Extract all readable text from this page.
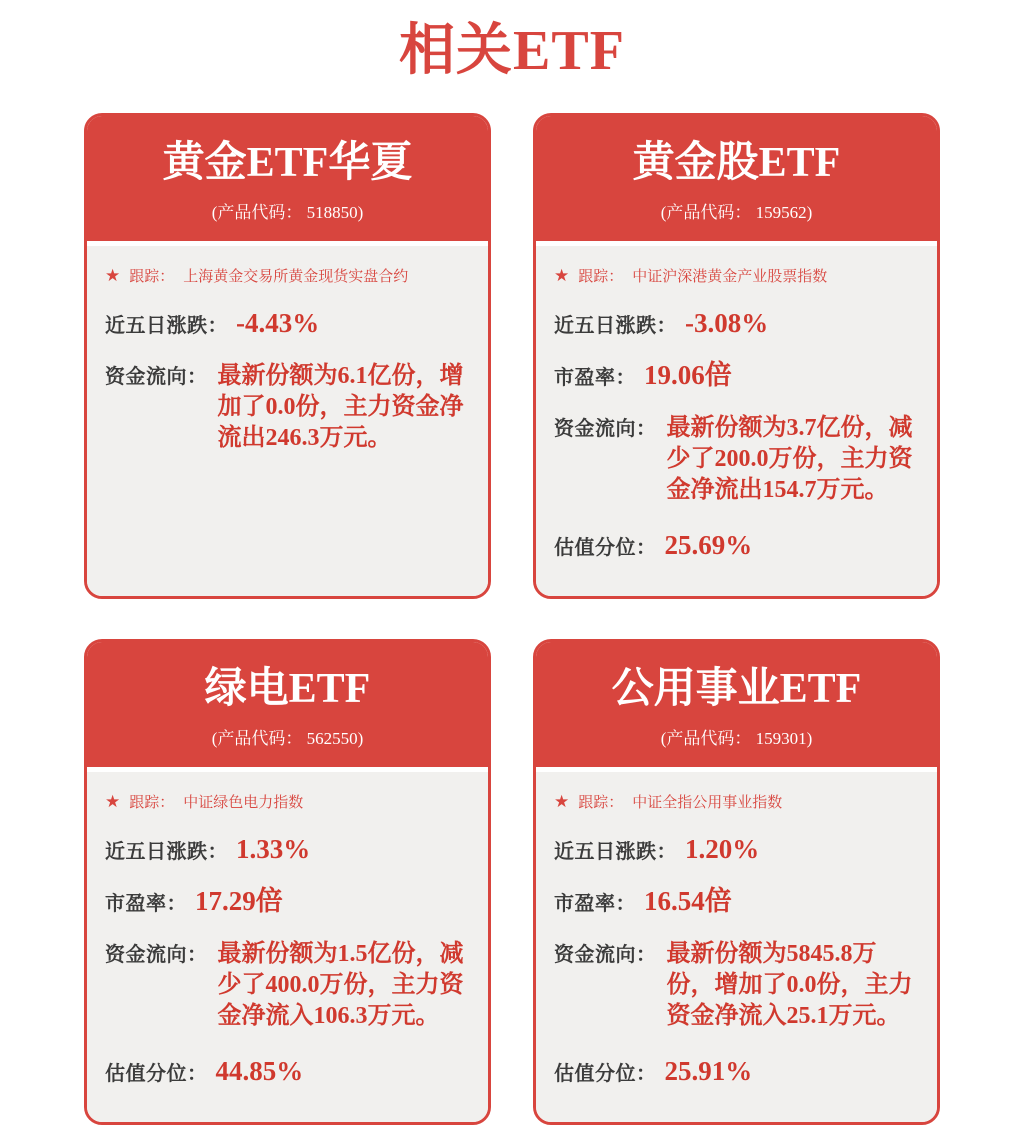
相关ETF
黄金ETF华夏
(产品代码： 518850)
★ 跟踪： 上海黄金交易所黄金现货实盘合约
近五日涨跌： -4.43%
资金流向： 最新份额为6.1亿份，增加了0.0份，主力资金净流出246.3万元。
黄金股ETF
(产品代码： 159562)
★ 跟踪： 中证沪深港黄金产业股票指数
近五日涨跌： -3.08%
市盈率： 19.06倍
资金流向： 最新份额为3.7亿份，减少了200.0万份，主力资金净流出154.7万元。
估值分位： 25.69%
绿电ETF
(产品代码： 562550)
★ 跟踪： 中证绿色电力指数
近五日涨跌： 1.33%
市盈率： 17.29倍
资金流向： 最新份额为1.5亿份，减少了400.0万份，主力资金净流入106.3万元。
估值分位： 44.85%
公用事业ETF
(产品代码： 159301)
★ 跟踪： 中证全指公用事业指数
近五日涨跌： 1.20%
市盈率： 16.54倍
资金流向： 最新份额为5845.8万份，增加了0.0份，主力资金净流入25.1万元。
估值分位： 25.91%
